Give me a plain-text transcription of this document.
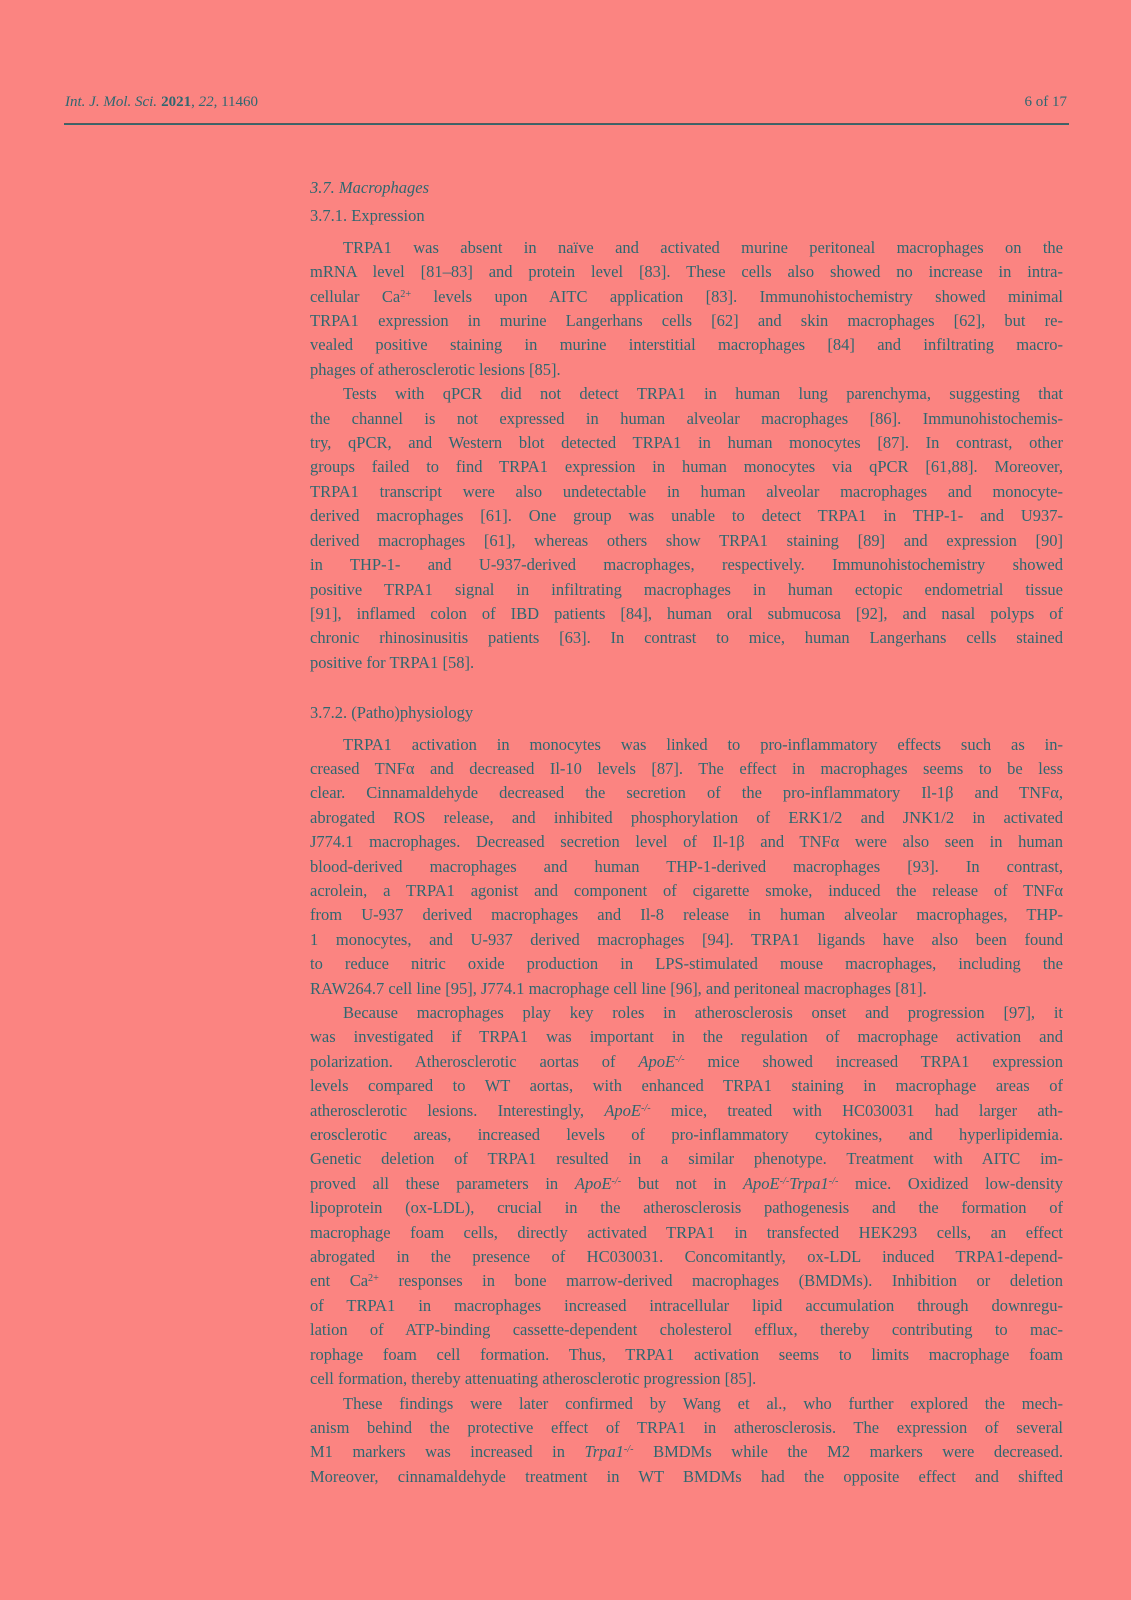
Int. J. Mol. Sci. 2021, 22, 11460	6 of 17
3.7. Macrophages
3.7.1. Expression
TRPA1 was absent in naïve and activated murine peritoneal macrophages on the
mRNA level [81–83] and protein level [83]. These cells also showed no increase in intra-
cellular $Ca^{2+}$ levels upon AITC application [83]. Immunohistochemistry showed minimal
TRPA1 expression in murine Langerhans cells [62] and skin macrophages [62], but re-
vealed positive staining in murine interstitial macrophages [84] and infiltrating macro-
phages of atherosclerotic lesions [85].
Tests with qPCR did not detect TRPA1 in human lung parenchyma, suggesting that
the channel is not expressed in human alveolar macrophages [86]. Immunohistochemis-
try, qPCR, and Western blot detected TRPA1 in human monocytes [87]. In contrast, other
groups failed to find TRPA1 expression in human monocytes via qPCR [61,88]. Moreover,
TRPA1 transcript were also undetectable in human alveolar macrophages and monocyte-
derived macrophages [61]. One group was unable to detect TRPA1 in THP-1- and U937-
derived macrophages [61], whereas others show TRPA1 staining [89] and expression [90]
in THP-1- and U-937-derived macrophages, respectively. Immunohistochemistry showed
positive TRPA1 signal in infiltrating macrophages in human ectopic endometrial tissue
[91], inflamed colon of IBD patients [84], human oral submucosa [92], and nasal polyps of
chronic rhinosinusitis patients [63]. In contrast to mice, human Langerhans cells stained
positive for TRPA1 [58].
3.7.2. (Patho)physiology
TRPA1 activation in monocytes was linked to pro-inflammatory effects such as in-
creased TNFα and decreased Il-10 levels [87]. The effect in macrophages seems to be less
clear. Cinnamaldehyde decreased the secretion of the pro-inflammatory Il-1β and TNFα,
abrogated ROS release, and inhibited phosphorylation of ERK1/2 and JNK1/2 in activated
J774.1 macrophages. Decreased secretion level of Il-1β and TNFα were also seen in human
blood-derived macrophages and human THP-1-derived macrophages [93]. In contrast,
acrolein, a TRPA1 agonist and component of cigarette smoke, induced the release of TNFα
from U-937 derived macrophages and Il-8 release in human alveolar macrophages, THP-
1 monocytes, and U-937 derived macrophages [94]. TRPA1 ligands have also been found
to reduce nitric oxide production in LPS-stimulated mouse macrophages, including the
RAW264.7 cell line [95], J774.1 macrophage cell line [96], and peritoneal macrophages [81].
Because macrophages play key roles in atherosclerosis onset and progression [97], it
was investigated if TRPA1 was important in the regulation of macrophage activation and
polarization. Atherosclerotic aortas of ApoE-/- mice showed increased TRPA1 expression
levels compared to WT aortas, with enhanced TRPA1 staining in macrophage areas of
atherosclerotic lesions. Interestingly, ApoE-/- mice, treated with HC030031 had larger ath-
erosclerotic areas, increased levels of pro-inflammatory cytokines, and hyperlipidemia.
Genetic deletion of TRPA1 resulted in a similar phenotype. Treatment with AITC im-
proved all these parameters in ApoE-/- but not in ApoE-/-Trpa1-/- mice. Oxidized low-density
lipoprotein (ox-LDL), crucial in the atherosclerosis pathogenesis and the formation of
macrophage foam cells, directly activated TRPA1 in transfected HEK293 cells, an effect
abrogated in the presence of HC030031. Concomitantly, ox-LDL induced TRPA1-depend-
ent $Ca^{2+}$ responses in bone marrow-derived macrophages (BMDMs). Inhibition or deletion
of TRPA1 in macrophages increased intracellular lipid accumulation through downregu-
lation of ATP-binding cassette-dependent cholesterol efflux, thereby contributing to mac-
rophage foam cell formation. Thus, TRPA1 activation seems to limits macrophage foam
cell formation, thereby attenuating atherosclerotic progression [85].
These findings were later confirmed by Wang et al., who further explored the mech-
anism behind the protective effect of TRPA1 in atherosclerosis. The expression of several
M1 markers was increased in Trpa1-/- BMDMs while the M2 markers were decreased.
Moreover, cinnamaldehyde treatment in WT BMDMs had the opposite effect and shifted
